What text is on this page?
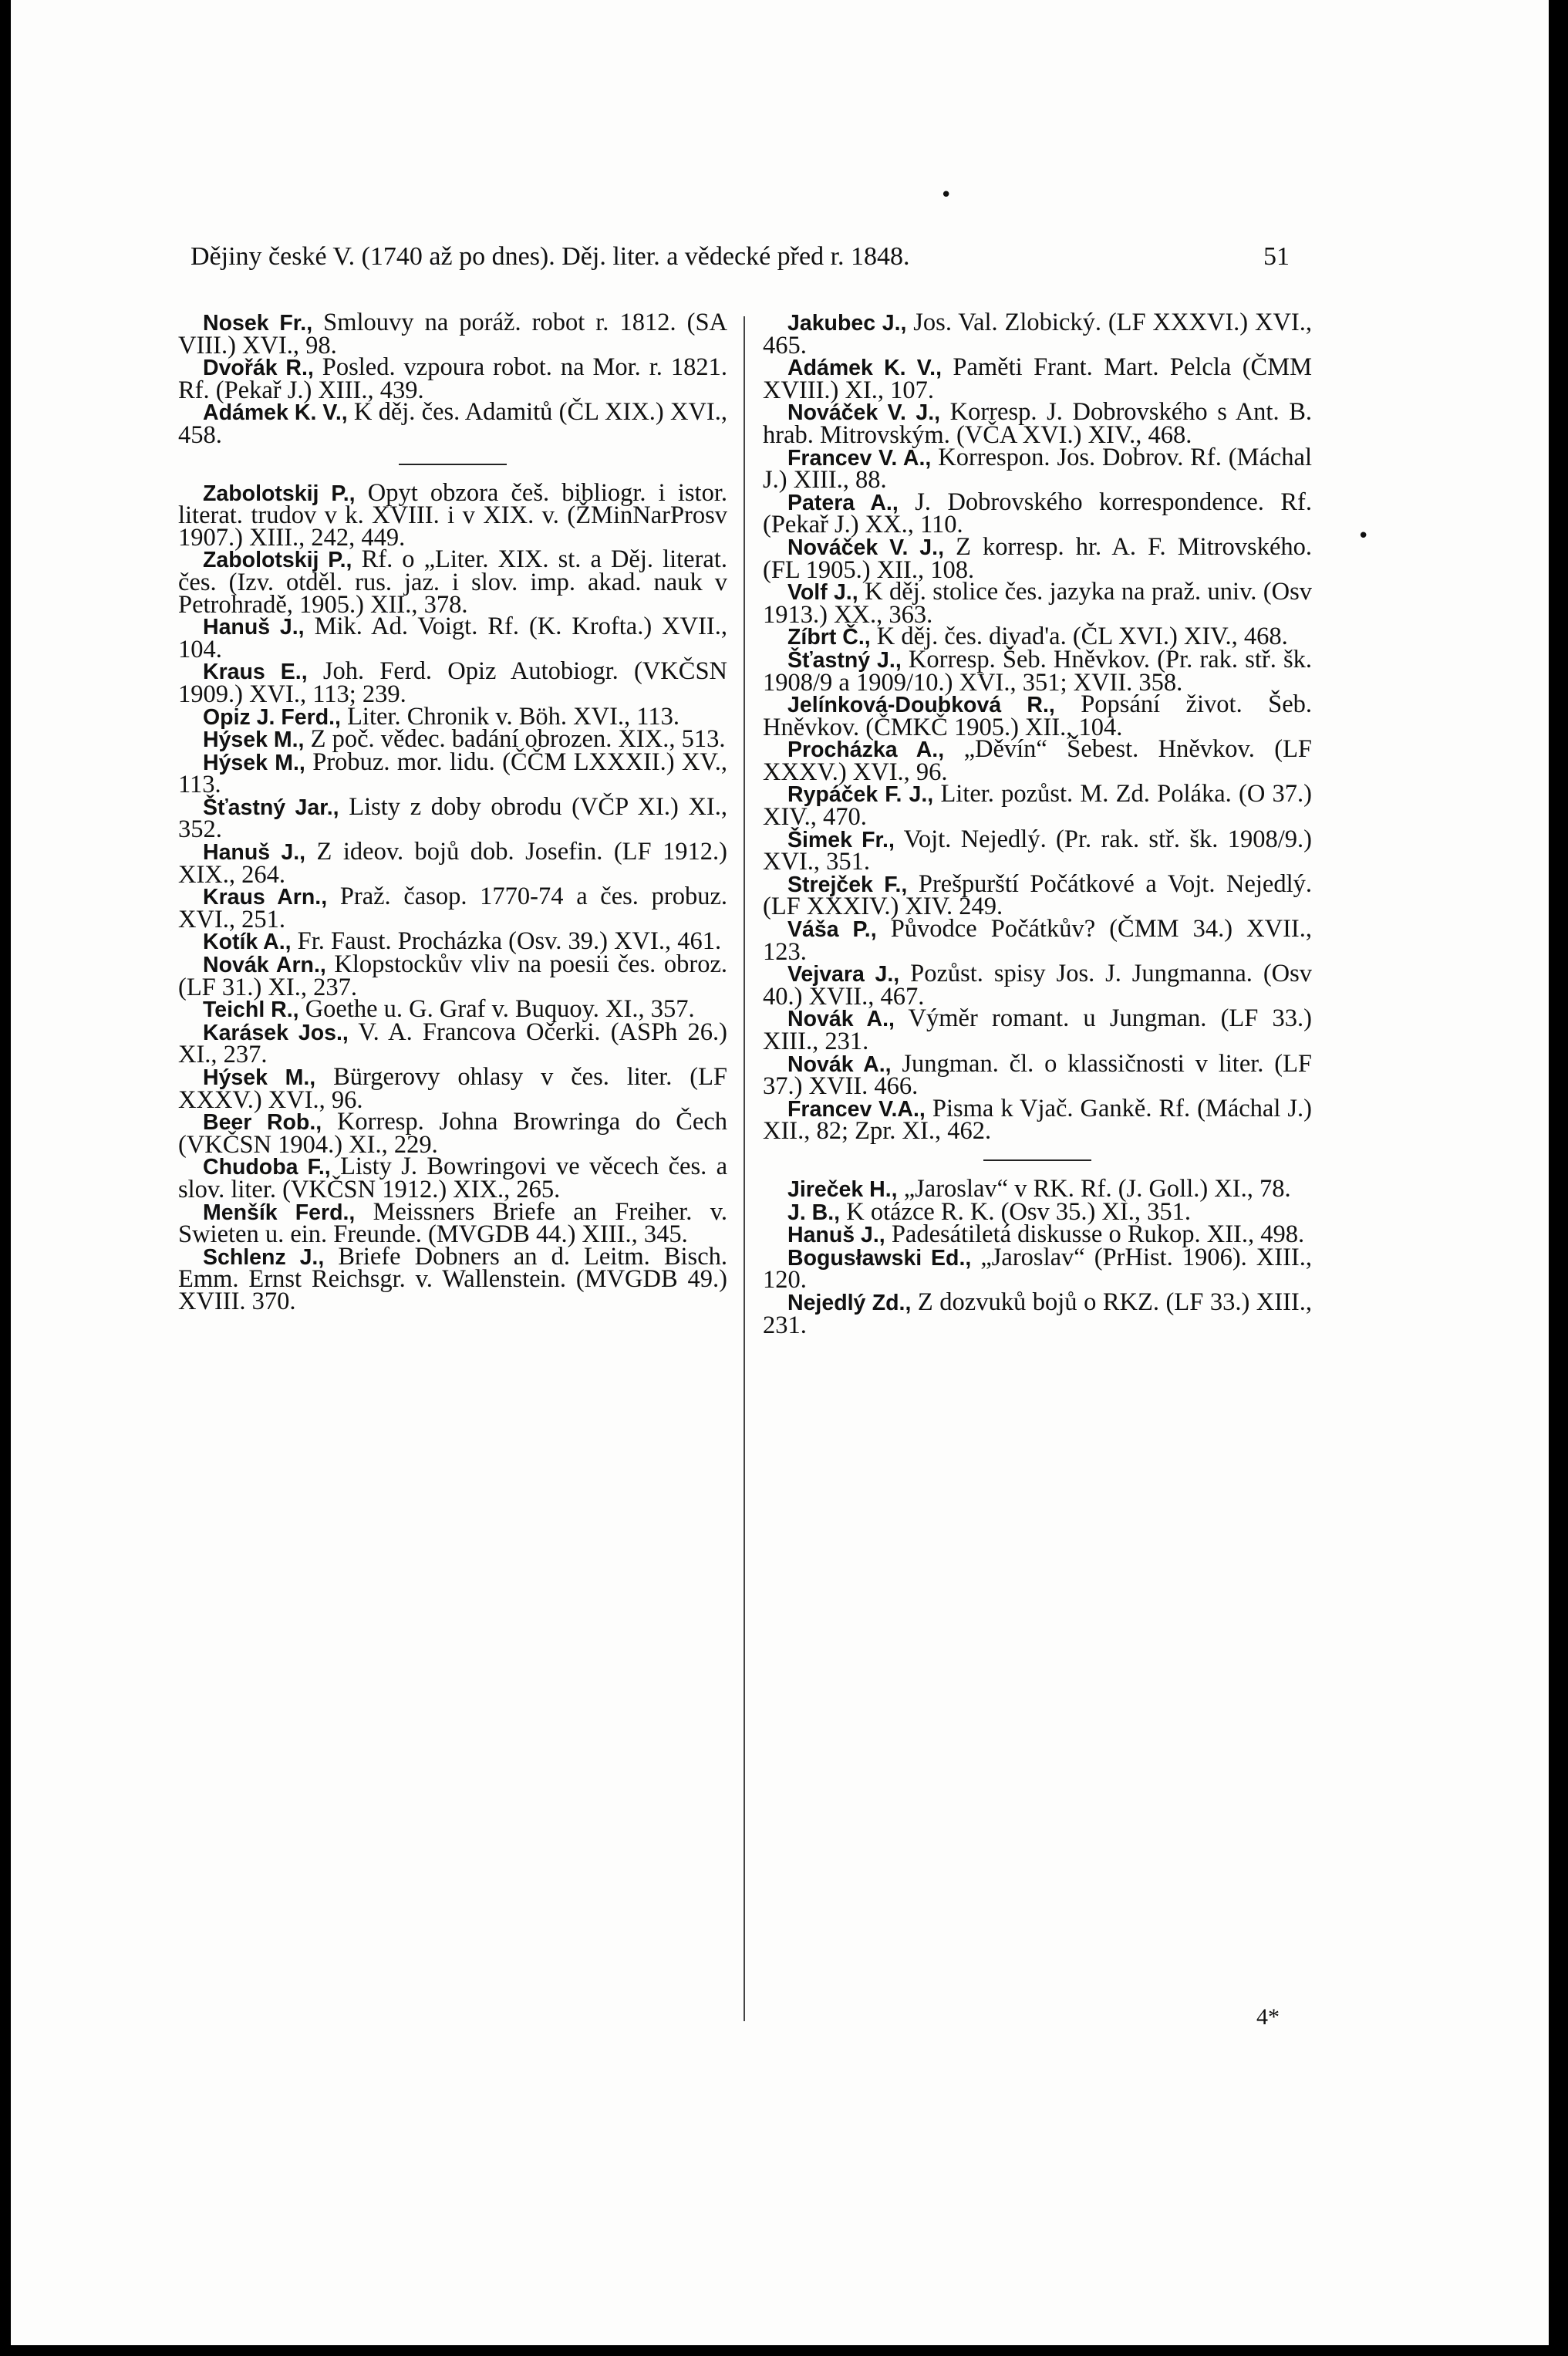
Dějiny české V. (1740 až po dnes). Děj. liter. a vědecké před r. 1848.	51
Nosek Fr., Smlouvy na poráž. robot r. 1812. (SA VIII.) XVI., 98.
Dvořák R., Posled. vzpoura robot. na Mor. r. 1821. Rf. (Pekař J.) XIII., 439.
Adámek K. V., K děj. čes. Adamitů (ČL XIX.) XVI., 458.
Zabolotskij P., Opyt obzora češ. bibliogr. i istor. literat. trudov v k. XVIII. i v XIX. v. (ŽMinNarProsv 1907.) XIII., 242, 449.
Zabolotskij P., Rf. o „Liter. XIX. st. a Děj. literat. čes. (Izv. otděl. rus. jaz. i slov. imp. akad. nauk v Petrohradě, 1905.) XII., 378.
Hanuš J., Mik. Ad. Voigt. Rf. (K. Krofta.) XVII., 104.
Kraus E., Joh. Ferd. Opiz Autobiogr. (VKČSN 1909.) XVI., 113; 239.
Opiz J. Ferd., Liter. Chronik v. Böh. XVI., 113.
Hýsek M., Z poč. vědec. badání obrozen. XIX., 513.
Hýsek M., Probuz. mor. lidu. (ČČM LXXXII.) XV., 113.
Šťastný Jar., Listy z doby obrodu (VČP XI.) XI., 352.
Hanuš J., Z ideov. bojů dob. Josefin. (LF 1912.) XIX., 264.
Kraus Arn., Praž. časop. 1770-74 a čes. probuz. XVI., 251.
Kotík A., Fr. Faust. Procházka (Osv. 39.) XVI., 461.
Novák Arn., Klopstockův vliv na poesii čes. obroz. (LF 31.) XI., 237.
Teichl R., Goethe u. G. Graf v. Buquoy. XI., 357.
Karásek Jos., V. A. Francova Očerki. (ASPh 26.) XI., 237.
Hýsek M., Bürgerovy ohlasy v čes. liter. (LF XXXV.) XVI., 96.
Beer Rob., Korresp. Johna Browringa do Čech (VKČSN 1904.) XI., 229.
Chudoba F., Listy J. Bowringovi ve věcech čes. a slov. liter. (VKČSN 1912.) XIX., 265.
Menšík Ferd., Meissners Briefe an Freiher. v. Swieten u. ein. Freunde. (MVGDB 44.) XIII., 345.
Schlenz J., Briefe Dobners an d. Leitm. Bisch. Emm. Ernst Reichsgr. v. Wallenstein. (MVGDB 49.) XVIII. 370.
Jakubec J., Jos. Val. Zlobický. (LF XXXVI.) XVI., 465.
Adámek K. V., Paměti Frant. Mart. Pelcla (ČMM XVIII.) XI., 107.
Nováček V. J., Korresp. J. Dobrovského s Ant. B. hrab. Mitrovským. (VČA XVI.) XIV., 468.
Francev V. A., Korrespon. Jos. Dobrov. Rf. (Máchal J.) XIII., 88.
Patera A., J. Dobrovského korrespondence. Rf. (Pekař J.) XX., 110.
Nováček V. J., Z korresp. hr. A. F. Mitrovského. (FL 1905.) XII., 108.
Volf J., K děj. stolice čes. jazyka na praž. univ. (Osv 1913.) XX., 363.
Zíbrt Č., K děj. čes. divad'a. (ČL XVI.) XIV., 468.
Šťastný J., Korresp. Šeb. Hněvkov. (Pr. rak. stř. šk. 1908/9 a 1909/10.) XVI., 351; XVII. 358.
Jelínková-Doubková R., Popsání život. Šeb. Hněvkov. (ČMKČ 1905.) XII., 104.
Procházka A., „Děvín“ Šebest. Hněvkov. (LF XXXV.) XVI., 96.
Rypáček F. J., Liter. pozůst. M. Zd. Poláka. (O 37.) XIV., 470.
Šimek Fr., Vojt. Nejedlý. (Pr. rak. stř. šk. 1908/9.) XVI., 351.
Strejček F., Prešpurští Počátkové a Vojt. Nejedlý. (LF XXXIV.) XIV. 249.
Váša P., Původce Počátkův? (ČMM 34.) XVII., 123.
Vejvara J., Pozůst. spisy Jos. J. Jungmanna. (Osv 40.) XVII., 467.
Novák A., Výměr romant. u Jungman. (LF 33.) XIII., 231.
Novák A., Jungman. čl. o klassičnosti v liter. (LF 37.) XVII. 466.
Francev V.A., Pisma k Vjač. Gankě. Rf. (Máchal J.) XII., 82; Zpr. XI., 462.
Jireček H., „Jaroslav“ v RK. Rf. (J. Goll.) XI., 78.
J. B., K otázce R. K. (Osv 35.) XI., 351.
Hanuš J., Padesátiletá diskusse o Rukop. XII., 498.
Bogusławski Ed., „Jaroslav“ (PrHist. 1906). XIII., 120.
Nejedlý Zd., Z dozvuků bojů o RKZ. (LF 33.) XIII., 231.
•
•
4*
